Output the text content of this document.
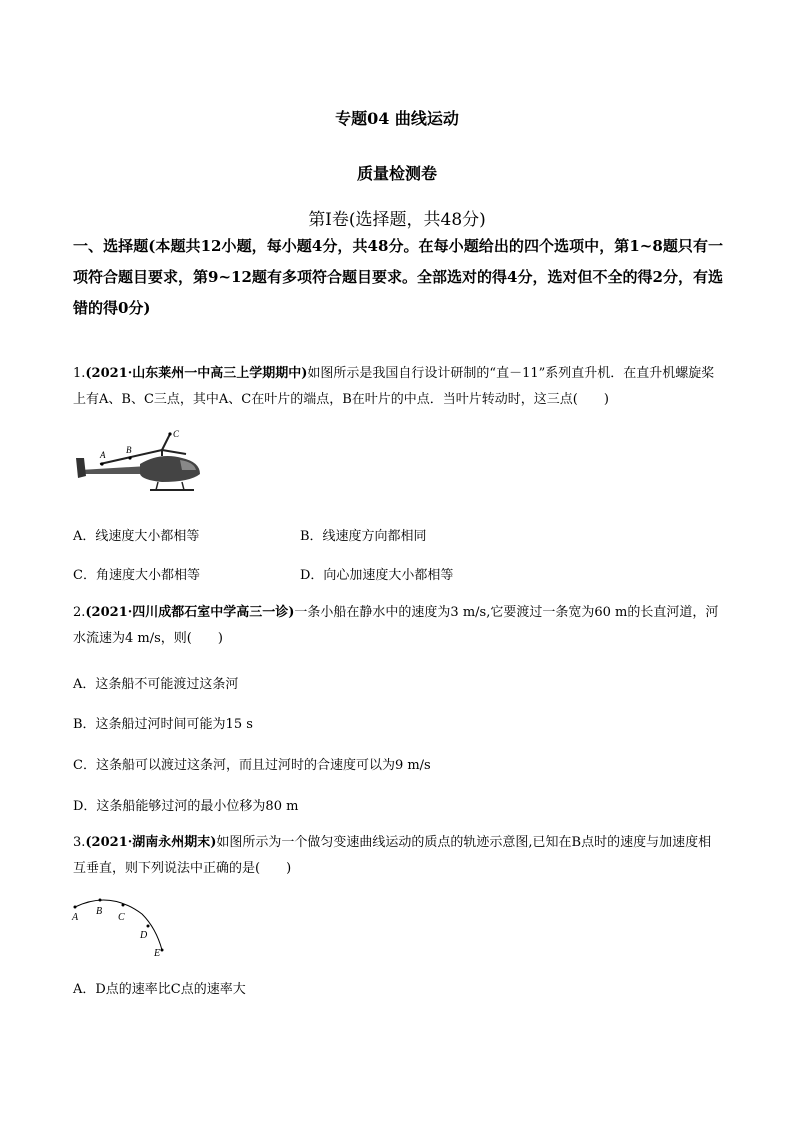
专题04 曲线运动
质量检测卷
第Ⅰ卷(选择题，共48分)
一、选择题(本题共12小题，每小题4分，共48分。在每小题给出的四个选项中，第1~8题只有一项符合题目要求，第9~12题有多项符合题目要求。全部选对的得4分，选对但不全的得2分，有选错的得0分)
1.(2021·山东莱州一中高三上学期期中)如图所示是我国自行设计研制的“直－11”系列直升机．在直升机螺旋桨上有A、B、C三点，其中A、C在叶片的端点，B在叶片的中点．当叶片转动时，这三点(　　)
A B
C
A．线速度大小都相等	B．线速度方向都相同
C．角速度大小都相等	D．向心加速度大小都相等
2.(2021·四川成都石室中学高三一诊)一条小船在静水中的速度为3 m/s,它要渡过一条宽为60 m的长直河道，河水流速为4 m/s，则(　　)
A．这条船不可能渡过这条河
B．这条船过河时间可能为15 s
C．这条船可以渡过这条河，而且过河时的合速度可以为9 m/s
D．这条船能够过河的最小位移为80 m
3.(2021·湖南永州期末)如图所示为一个做匀变速曲线运动的质点的轨迹示意图,已知在B点时的速度与加速度相互垂直，则下列说法中正确的是(　　)
A
B
C
D
E
A．D点的速率比C点的速率大
